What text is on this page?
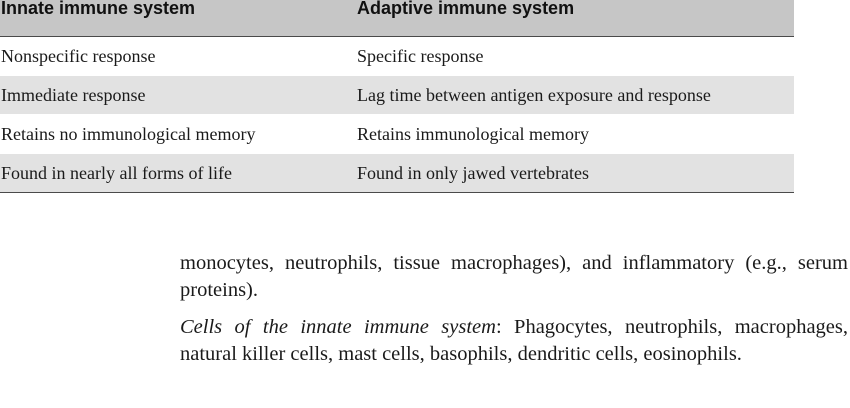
Innate immune system	Adaptive immune system

Nonspecific response	Specific response
Immediate response	Lag time between antigen exposure and response
Retains no immunological memory	Retains immunological memory
Found in nearly all forms of life	Found in only jawed vertebrates

monocytes, neutrophils, tissue macrophages), and inflammatory (e.g., serum proteins).

Cells of the innate immune system: Phagocytes, neutrophils, macrophages, natural killer cells, mast cells, basophils, dendritic cells, eosinophils.
